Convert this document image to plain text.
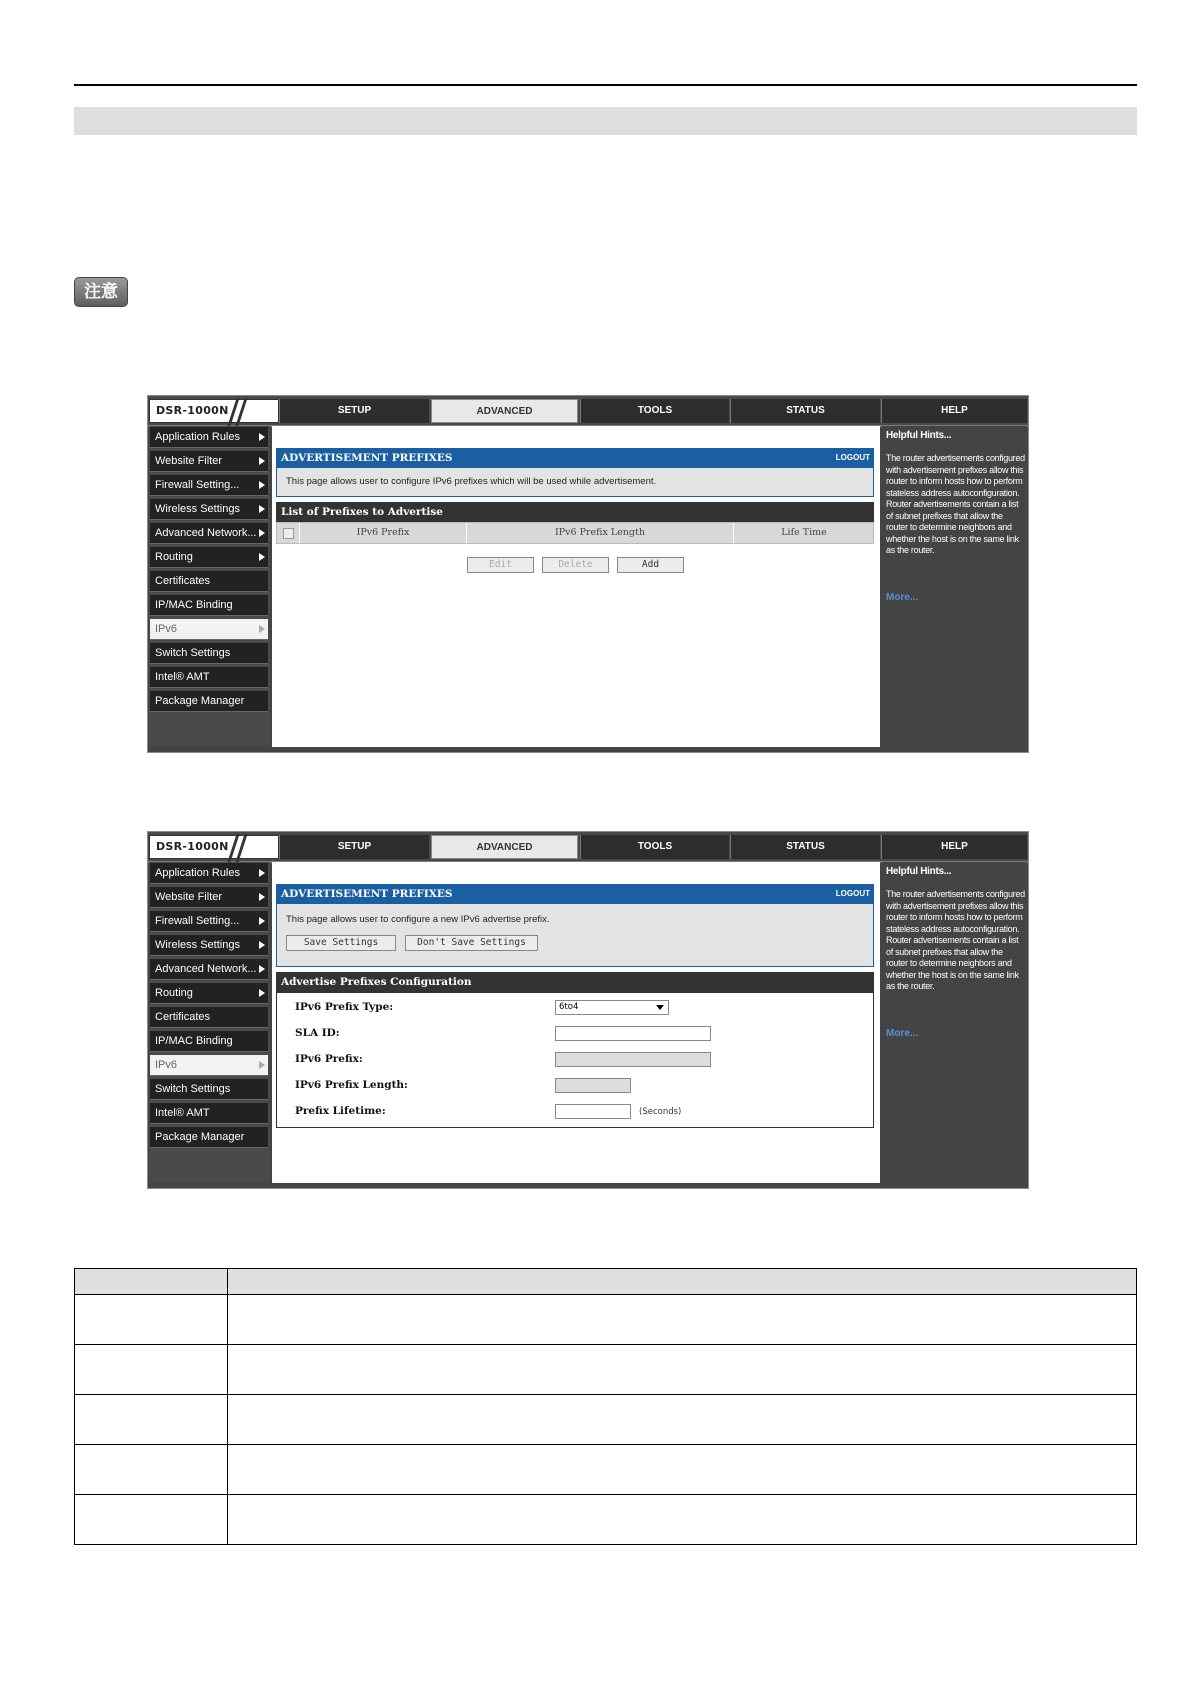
注意
DSR-1000N	SETUP	ADVANCED	TOOLS	STATUS	HELP
Application Rules
Website Filter
Firewall Setting...
Wireless Settings
Advanced Network...
Routing
Certificates
IP/MAC Binding
IPv6
Switch Settings
Intel® AMT
Package Manager
ADVERTISEMENT PREFIXES	LOGOUT
This page allows user to configure IPv6 prefixes which will be used while advertisement.
List of Prefixes to Advertise
IPv6 Prefix	IPv6 Prefix Length	Life Time
Edit	Delete	Add
Helpful Hints...
The router advertisements configured with advertisement prefixes allow this router to inform hosts how to perform stateless address autoconfiguration. Router advertisements contain a list of subnet prefixes that allow the router to determine neighbors and whether the host is on the same link as the router.
More...
DSR-1000N	SETUP	ADVANCED	TOOLS	STATUS	HELP
Application Rules
Website Filter
Firewall Setting...
Wireless Settings
Advanced Network...
Routing
Certificates
IP/MAC Binding
IPv6
Switch Settings
Intel® AMT
Package Manager
ADVERTISEMENT PREFIXES	LOGOUT
This page allows user to configure a new IPv6 advertise prefix.
Save Settings	Don't Save Settings
Advertise Prefixes Configuration
IPv6 Prefix Type:	6to4
SLA ID:
IPv6 Prefix:
IPv6 Prefix Length:
Prefix Lifetime:	(Seconds)
Helpful Hints...
The router advertisements configured with advertisement prefixes allow this router to inform hosts how to perform stateless address autoconfiguration. Router advertisements contain a list of subnet prefixes that allow the router to determine neighbors and whether the host is on the same link as the router.
More...
